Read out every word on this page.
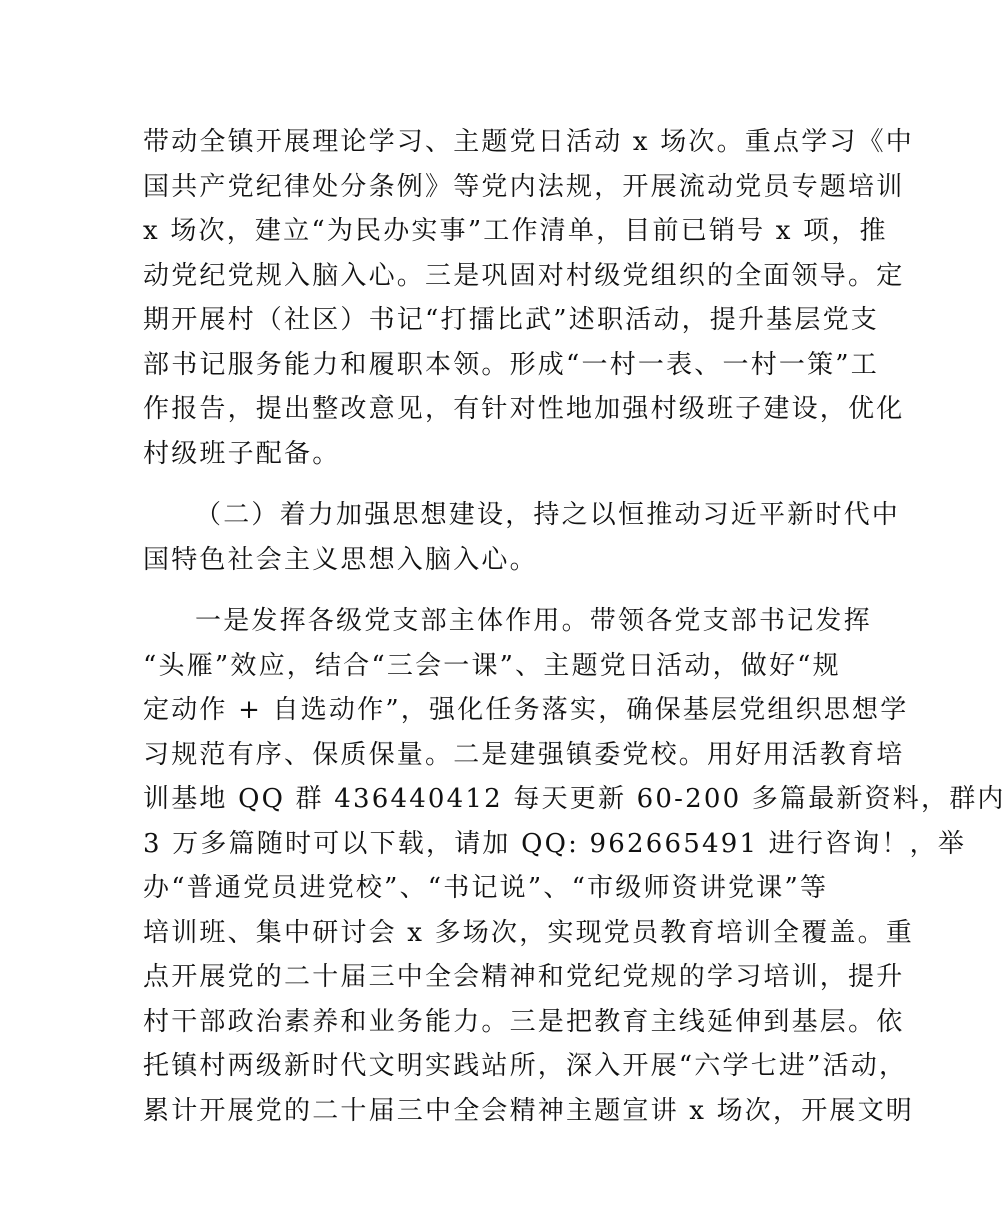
带动全镇开展理论学习、主题党日活动 x 场次。重点学习《中
国共产党纪律处分条例》等党内法规，开展流动党员专题培训
x 场次，建立“为民办实事”工作清单，目前已销号 x 项，推
动党纪党规入脑入心。三是巩固对村级党组织的全面领导。定
期开展村（社区）书记“打擂比武”述职活动，提升基层党支
部书记服务能力和履职本领。形成“一村一表、一村一策”工
作报告，提出整改意见，有针对性地加强村级班子建设，优化
村级班子配备。

（二）着力加强思想建设，持之以恒推动习近平新时代中
国特色社会主义思想入脑入心。

一是发挥各级党支部主体作用。带领各党支部书记发挥
“头雁”效应，结合“三会一课”、主题党日活动，做好“规
定动作 + 自选动作”，强化任务落实，确保基层党组织思想学
习规范有序、保质保量。二是建强镇委党校。用好用活教育培
训基地 QQ 群 436440412 每天更新 60-200 多篇最新资料，群内
3 万多篇随时可以下载，请加 QQ: 962665491 进行咨询！，举
办“普通党员进党校”、“书记说”、“市级师资讲党课”等
培训班、集中研讨会 x 多场次，实现党员教育培训全覆盖。重
点开展党的二十届三中全会精神和党纪党规的学习培训，提升
村干部政治素养和业务能力。三是把教育主线延伸到基层。依
托镇村两级新时代文明实践站所，深入开展“六学七进”活动，
累计开展党的二十届三中全会精神主题宣讲 x 场次，开展文明
